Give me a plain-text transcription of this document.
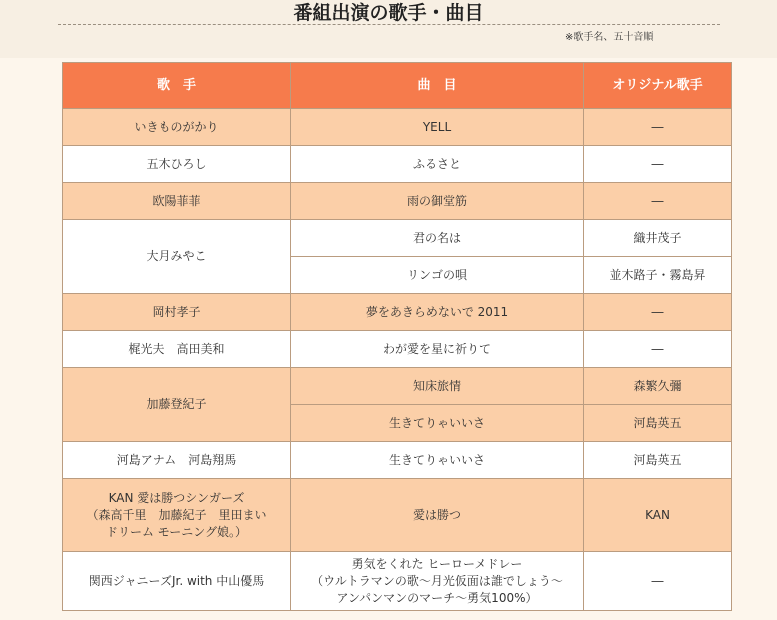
番組出演の歌手・曲目
※歌手名、五十音順
歌　手	曲　目	オリジナル歌手
いきものがかり	YELL	―
五木ひろし	ふるさと	―
欧陽菲菲	雨の御堂筋	―
大月みやこ	君の名は	織井茂子
	リンゴの唄	並木路子・霧島昇
岡村孝子	夢をあきらめないで 2011	―
梶光夫　高田美和	わが愛を星に祈りて	―
加藤登紀子	知床旅情	森繁久彌
	生きてりゃいいさ	河島英五
河島アナム　河島翔馬	生きてりゃいいさ	河島英五

KAN 愛は勝つシンガーズ
（森高千里　加藤紀子　里田まい
ドリーム モーニング娘。）	愛は勝つ	KAN
関西ジャニーズJr. with 中山優馬	勇気をくれた ヒーローメドレー
（ウルトラマンの歌～月光仮面は誰でしょう～
アンパンマンのマーチ～勇気100%）	―
